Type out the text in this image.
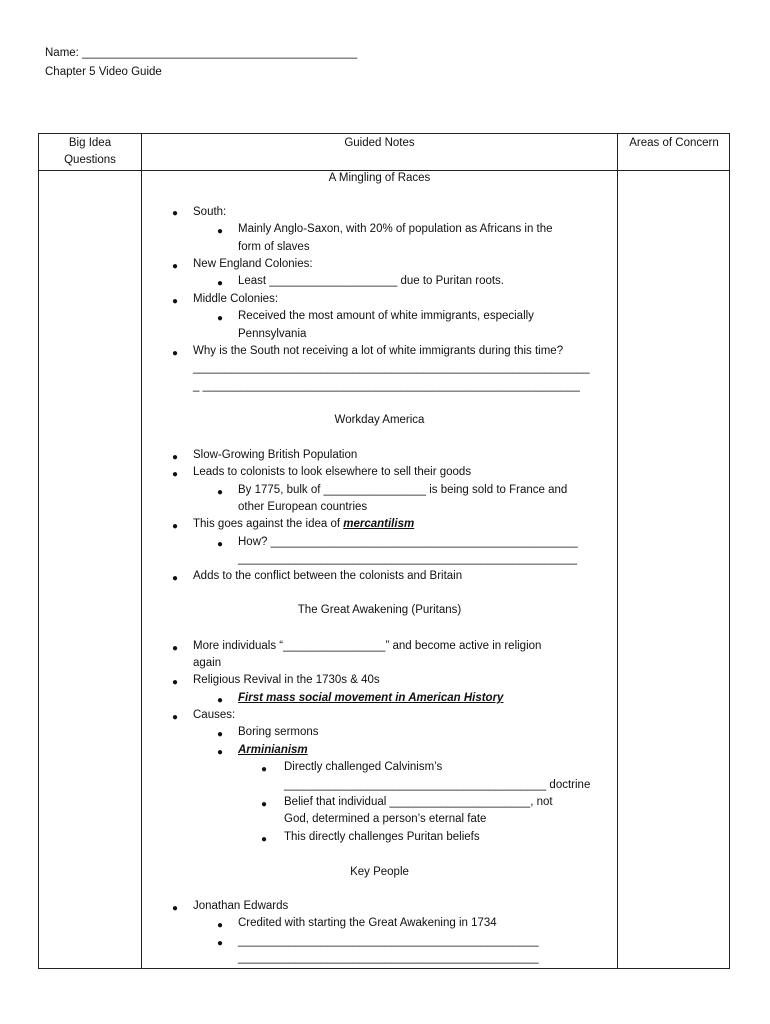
Name: ___________________________________________
Chapter 5 Video Guide
Big Idea
Questions
Guided Notes	Areas of Concern
A Mingling of Races
● South:
● Mainly Anglo-Saxon, with 20% of population as Africans in the
form of slaves
● New England Colonies:
● Least ____________________ due to Puritan roots.
● Middle Colonies:
● Received the most amount of white immigrants, especially
Pennsylvania
● Why is the South not receiving a lot of white immigrants during this time?
______________________________________________________________
_ ___________________________________________________________
Workday America
● Slow-Growing British Population
● Leads to colonists to look elsewhere to sell their goods
● By 1775, bulk of ________________ is being sold to France and
other European countries
● This goes against the idea of mercantilism
● How? ________________________________________________
_____________________________________________________
● Adds to the conflict between the colonists and Britain
The Great Awakening (Puritans)
● More individuals “________________” and become active in religion
again
● Religious Revival in the 1730s & 40s
● First mass social movement in American History
● Causes:
● Boring sermons
● Arminianism
● Directly challenged Calvinism’s
_________________________________________ doctrine
● Belief that individual ______________________, not
God, determined a person’s eternal fate
● This directly challenges Puritan beliefs
Key People
● Jonathan Edwards
● Credited with starting the Great Awakening in 1734
● _______________________________________________
_______________________________________________
